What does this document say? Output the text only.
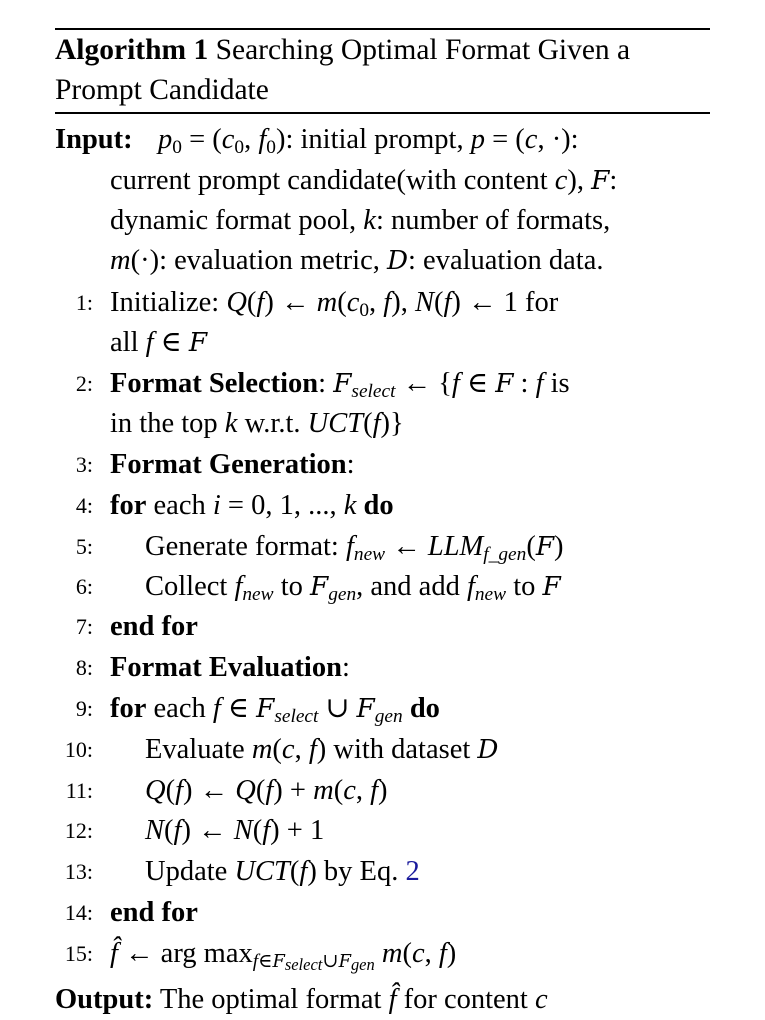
Algorithm 1 Searching Optimal Format Given a Prompt Candidate
Input: $p_0 = (c_0$, $f_0$): initial prompt, p = (c, ·):
current prompt candidate(with content c), F:
dynamic format pool, k: number of formats,
m(·): evaluation metric, D: evaluation data.
1: Initialize: Q(f) ← $m(c_0$, f), N(f) ← 1 for
all f ∈ F
2: Format Selection: $F_{select}$ ← {f ∈ F : f is
in the top k w.r.t. UCT(f)}
3: Format Generation:
4: for each i = 0, 1, ..., k do
5: Generate format: $f_{new}$ ← $LLM_{f\_gen}(F)$
6: Collect $f_{new}$ to $F_{gen}$, and add $f_{new}$ to F
7: end for
8: Format Evaluation:
9: for each f ∈ $F_{select}$ ∪ $F_{gen}$ do
10: Evaluate m(c, f) with dataset D
11: Q(f) ← Q(f) + m(c, f)
12: N(f) ← N(f) + 1
13: Update UCT(f) by Eq. 2
14: end for
15: f̂ ← arg $\max_{f\in F_{select}\cup F_{gen}} m(c$, f)
Output: The optimal format f̂ for content c
